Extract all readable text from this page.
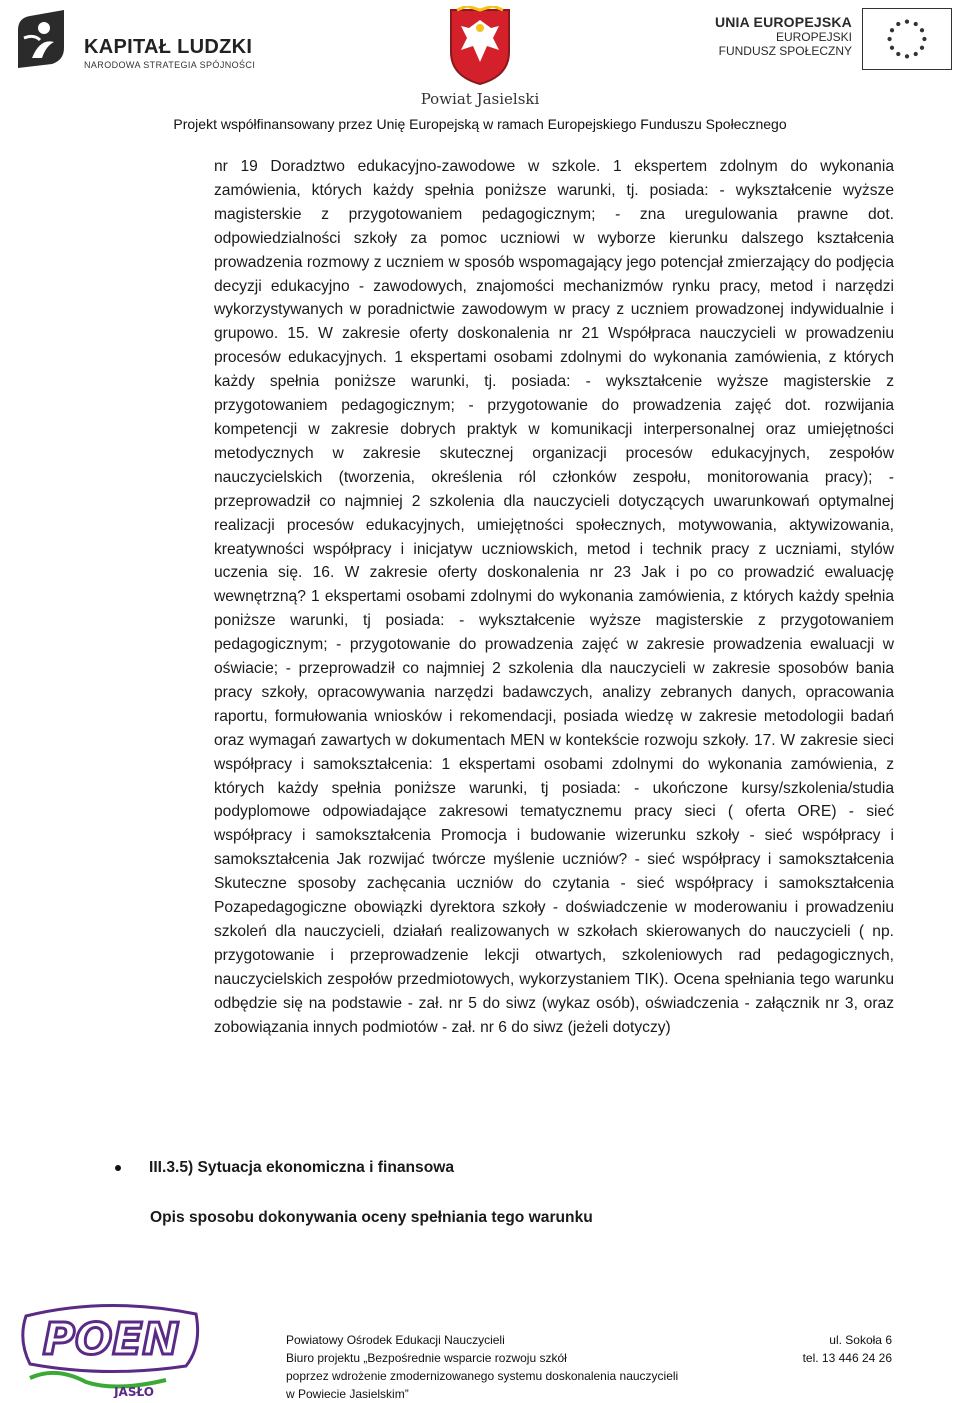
KAPITAŁ LUDZKI
NARODOWA STRATEGIA SPÓJNOŚCI
Powiat Jasielski
UNIA EUROPEJSKA
EUROPEJSKI
FUNDUSZ SPOŁECZNY
Projekt współfinansowany przez Unię Europejską w ramach Europejskiego Funduszu Społecznego
nr 19 Doradztwo edukacyjno-zawodowe w szkole. 1 ekspertem zdolnym do wykonania zamówienia, których każdy spełnia poniższe warunki, tj. posiada: - wykształcenie wyższe magisterskie z przygotowaniem pedagogicznym; - zna uregulowania prawne dot. odpowiedzialności szkoły za pomoc uczniowi w wyborze kierunku dalszego kształcenia prowadzenia rozmowy z uczniem w sposób wspomagający jego potencjał zmierzający do podjęcia decyzji edukacyjno - zawodowych, znajomości mechanizmów rynku pracy, metod i narzędzi wykorzystywanych w poradnictwie zawodowym w pracy z uczniem prowadzonej indywidualnie i grupowo. 15. W zakresie oferty doskonalenia nr 21 Współpraca nauczycieli w prowadzeniu procesów edukacyjnych. 1 ekspertami osobami zdolnymi do wykonania zamówienia, z których każdy spełnia poniższe warunki, tj. posiada: - wykształcenie wyższe magisterskie z przygotowaniem pedagogicznym; - przygotowanie do prowadzenia zajęć dot. rozwijania kompetencji w zakresie dobrych praktyk w komunikacji interpersonalnej oraz umiejętności metodycznych w zakresie skutecznej organizacji procesów edukacyjnych, zespołów nauczycielskich (tworzenia, określenia ról członków zespołu, monitorowania pracy); - przeprowadził co najmniej 2 szkolenia dla nauczycieli dotyczących uwarunkowań optymalnej realizacji procesów edukacyjnych, umiejętności społecznych, motywowania, aktywizowania, kreatywności współpracy i inicjatyw uczniowskich, metod i technik pracy z uczniami, stylów uczenia się. 16. W zakresie oferty doskonalenia nr 23 Jak i po co prowadzić ewaluację wewnętrzną? 1 ekspertami osobami zdolnymi do wykonania zamówienia, z których każdy spełnia poniższe warunki, tj posiada: - wykształcenie wyższe magisterskie z przygotowaniem pedagogicznym; - przygotowanie do prowadzenia zajęć w zakresie prowadzenia ewaluacji w oświacie; - przeprowadził co najmniej 2 szkolenia dla nauczycieli w zakresie sposobów bania pracy szkoły, opracowywania narzędzi badawczych, analizy zebranych danych, opracowania raportu, formułowania wniosków i rekomendacji, posiada wiedzę w zakresie metodologii badań oraz wymagań zawartych w dokumentach MEN w kontekście rozwoju szkoły. 17. W zakresie sieci współpracy i samokształcenia: 1 ekspertami osobami zdolnymi do wykonania zamówienia, z których każdy spełnia poniższe warunki, tj posiada: - ukończone kursy/szkolenia/studia podyplomowe odpowiadające zakresowi tematycznemu pracy sieci ( oferta ORE) - sieć współpracy i samokształcenia Promocja i budowanie wizerunku szkoły - sieć współpracy i samokształcenia Jak rozwijać twórcze myślenie uczniów? - sieć współpracy i samokształcenia Skuteczne sposoby zachęcania uczniów do czytania - sieć współpracy i samokształcenia Pozapedagogiczne obowiązki dyrektora szkoły - doświadczenie w moderowaniu i prowadzeniu szkoleń dla nauczycieli, działań realizowanych w szkołach skierowanych do nauczycieli ( np. przygotowanie i przeprowadzenie lekcji otwartych, szkoleniowych rad pedagogicznych, nauczycielskich zespołów przedmiotowych, wykorzystaniem TIK). Ocena spełniania tego warunku odbędzie się na podstawie - zał. nr 5 do siwz (wykaz osób), oświadczenia - załącznik nr 3, oraz zobowiązania innych podmiotów - zał. nr 6 do siwz (jeżeli dotyczy)
III.3.5) Sytuacja ekonomiczna i finansowa
Opis sposobu dokonywania oceny spełniania tego warunku
POEN
JASŁO
Powiatowy Ośrodek Edukacji Nauczycieli
Biuro projektu „Bezpośrednie wsparcie rozwoju szkół
poprzez wdrożenie zmodernizowanego systemu doskonalenia nauczycieli
w Powiecie Jasielskim”
ul. Sokoła 6
tel. 13 446 24 26
